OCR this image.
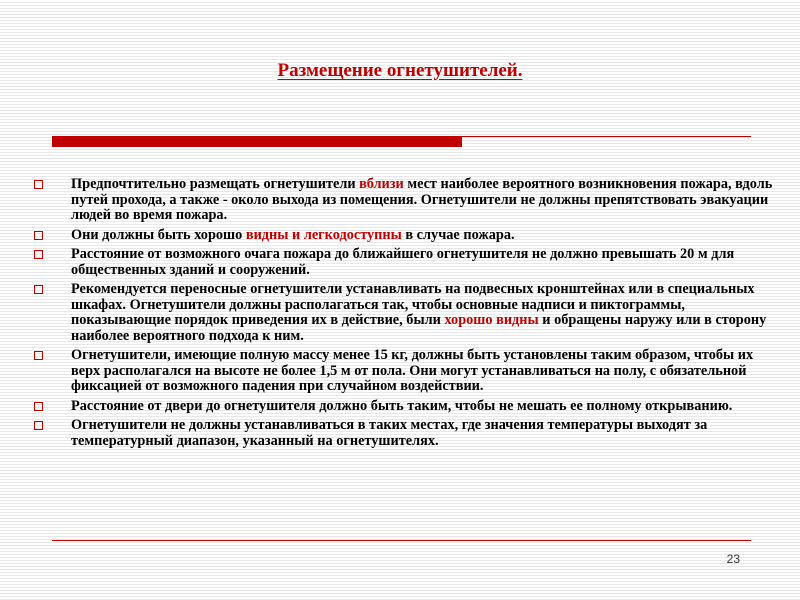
Размещение огнетушителей.
Предпочтительно размещать огнетушители вблизи мест наиболее вероятного возникновения пожара, вдоль путей прохода, а также - около выхода из помещения. Огнетушители не должны препятствовать эвакуации людей во время пожара.
Они должны быть хорошо видны и легкодоступны в случае пожара.
Расстояние от возможного очага пожара до ближайшего огнетушителя не должно превышать 20 м для общественных зданий и сооружений.
Рекомендуется переносные огнетушители устанавливать на подвесных кронштейнах или в специальных шкафах. Огнетушители должны располагаться так, чтобы основные надписи и пиктограммы, показывающие порядок приведения их в действие, были хорошо видны и обращены наружу или в сторону наиболее вероятного подхода к ним.
Огнетушители, имеющие полную массу менее 15 кг, должны быть установлены таким образом, чтобы их верх располагался на высоте не более 1,5 м от пола. Они могут устанавливаться на полу, с обязательной фиксацией от возможного падения при случайном воздействии.
Расстояние от двери до огнетушителя должно быть таким, чтобы не мешать ее полному открыванию.
Огнетушители не должны устанавливаться в таких местах, где значения температуры выходят за температурный диапазон, указанный на огнетушителях.
23
